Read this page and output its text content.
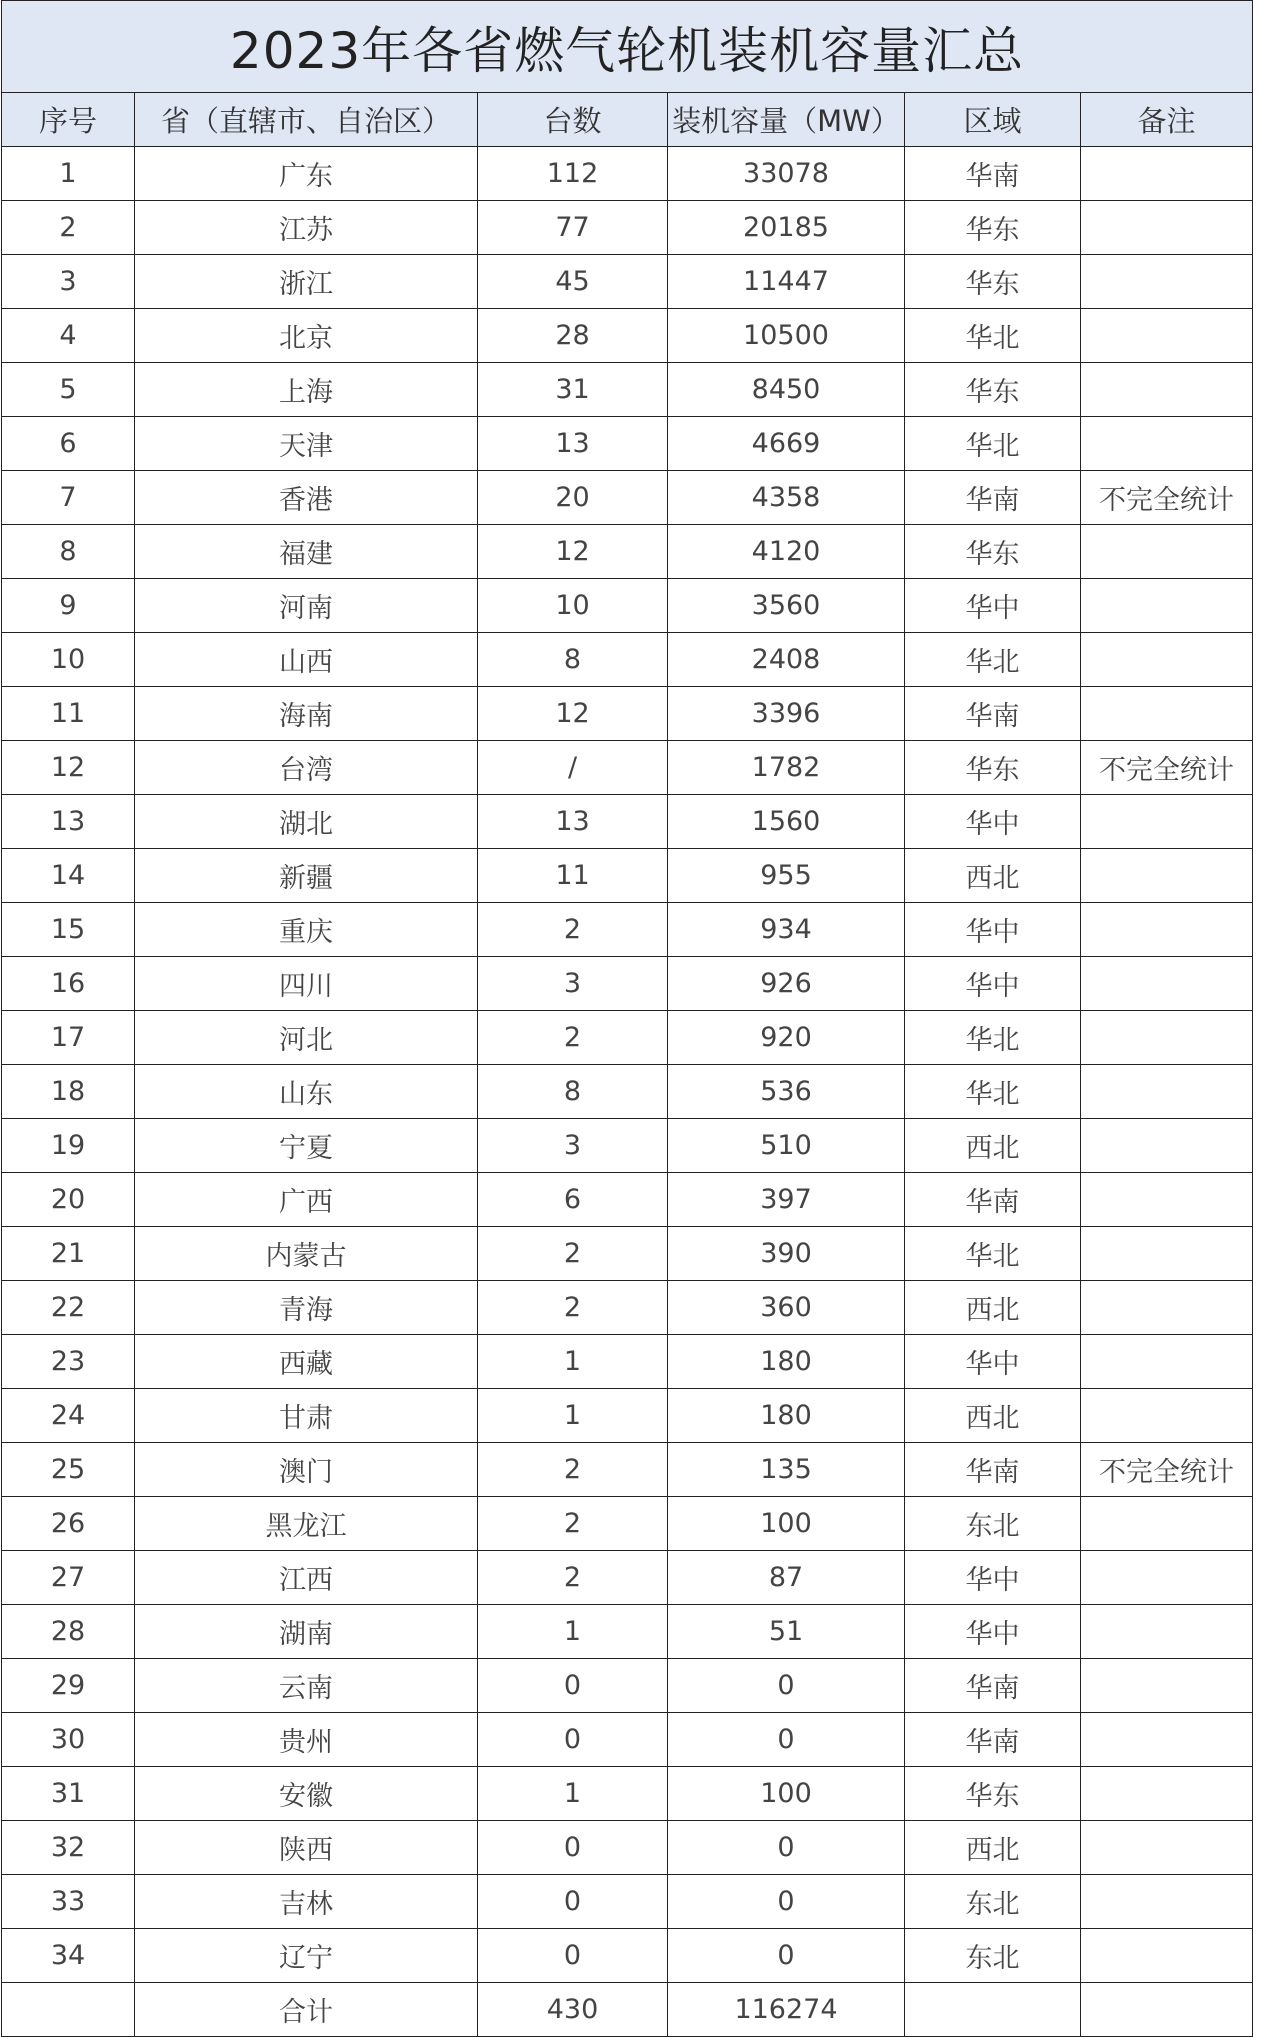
2023年各省燃气轮机装机容量汇总					
序号	省（直辖市、自治区）	台数	装机容量（MW）	区域	备注
1	广东	112	33078	华南	
2	江苏	77	20185	华东	
3	浙江	45	11447	华东	
4	北京	28	10500	华北	
5	上海	31	8450	华东	
6	天津	13	4669	华北	
7	香港	20	4358	华南	不完全统计
8	福建	12	4120	华东	
9	河南	10	3560	华中	
10	山西	8	2408	华北	
11	海南	12	3396	华南	
12	台湾	/	1782	华东	不完全统计
13	湖北	13	1560	华中	
14	新疆	11	955	西北	
15	重庆	2	934	华中	
16	四川	3	926	华中	
17	河北	2	920	华北	
18	山东	8	536	华北	
19	宁夏	3	510	西北	
20	广西	6	397	华南	
21	内蒙古	2	390	华北	
22	青海	2	360	西北	
23	西藏	1	180	华中	
24	甘肃	1	180	西北	
25	澳门	2	135	华南	不完全统计
26	黑龙江	2	100	东北	
27	江西	2	87	华中	
28	湖南	1	51	华中	
29	云南	0	0	华南	
30	贵州	0	0	华南	
31	安徽	1	100	华东	
32	陕西	0	0	西北	
33	吉林	0	0	东北	
34	辽宁	0	0	东北	
	合计	430	116274		
